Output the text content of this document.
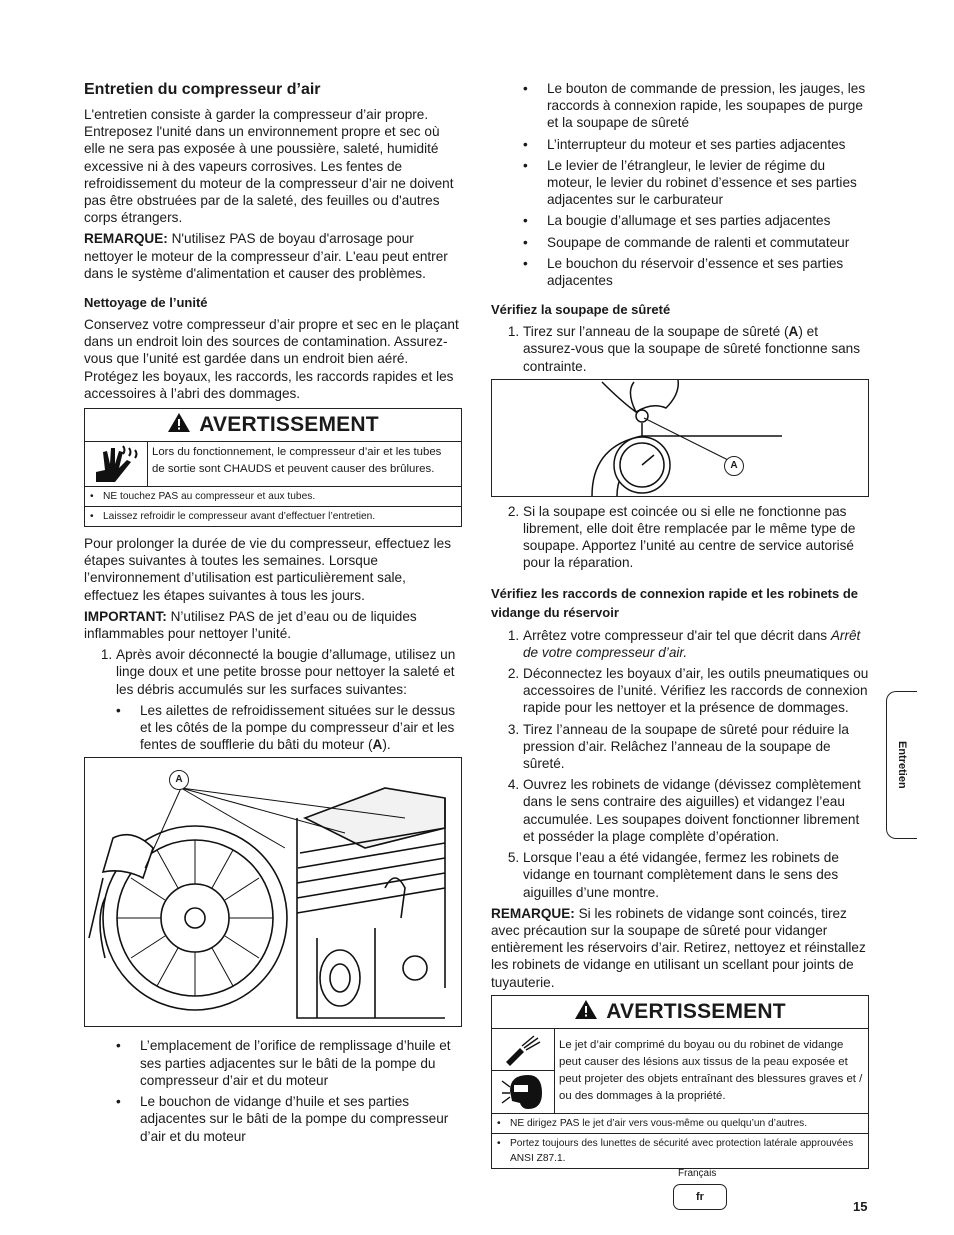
Entretien du compresseur d’air

L'entretien consiste à garder la compresseur d’air propre. Entreposez l'unité dans un environnement propre et sec où elle ne sera pas exposée à une poussière, saleté, humidité excessive ni à des vapeurs corrosives. Les fentes de refroidissement du moteur de la compresseur d’air ne doivent pas être obstruées par de la saleté, des feuilles ou d'autres corps étrangers.

REMARQUE: N'utilisez PAS de boyau d'arrosage pour nettoyer le moteur de la compresseur d’air. L'eau peut entrer dans le système d'alimentation et causer des problèmes.

Nettoyage de l’unité

Conservez votre compresseur d’air propre et sec en le plaçant dans un endroit loin des sources de contamination. Assurez-vous que l’unité est gardée dans un endroit bien aéré. Protégez les boyaux, les raccords, les raccords rapides et les accessoires à l’abri des dommages.

AVERTISSEMENT
Lors du fonctionnement, le compresseur d’air et les tubes de sortie sont CHAUDS et peuvent causer des brûlures.
• NE touchez PAS au compresseur et aux tubes.
• Laissez refroidir le compresseur avant d’effectuer l’entretien.

Pour prolonger la durée de vie du compresseur, effectuez les étapes suivantes à toutes les semaines. Lorsque l’environnement d’utilisation est particulièrement sale, effectuez les étapes suivantes à tous les jours.

IMPORTANT: N’utilisez PAS de jet d’eau ou de liquides inflammables pour nettoyer l’unité.

1. Après avoir déconnecté la bougie d’allumage, utilisez un linge doux et une petite brosse pour nettoyer la saleté et les débris accumulés sur les surfaces suivantes:
• Les ailettes de refroidissement situées sur le dessus et les côtés de la pompe du compresseur d’air et les fentes de soufflerie du bâti du moteur (A).
A
• L’emplacement de l’orifice de remplissage d’huile et ses parties adjacentes sur le bâti de la pompe du compresseur d’air et du moteur
• Le bouchon de vidange d’huile et ses parties adjacentes sur le bâti de la pompe du compresseur d’air et du moteur
• Le bouton de commande de pression, les jauges, les raccords à connexion rapide, les soupapes de purge et la soupape de sûreté
• L’interrupteur du moteur et ses parties adjacentes
• Le levier de l’étrangleur, le levier de régime du moteur, le levier du robinet d’essence et ses parties adjacentes sur le carburateur
• La bougie d’allumage et ses parties adjacentes
• Soupape de commande de ralenti et commutateur
• Le bouchon du réservoir d’essence et ses parties adjacentes
Vérifiez la soupape de sûreté
1. Tirez sur l’anneau de la soupape de sûreté (A) et assurez-vous que la soupape de sûreté fonctionne sans contrainte.
A
2. Si la soupape est coincée ou si elle ne fonctionne pas librement, elle doit être remplacée par le même type de soupape. Apportez l’unité au centre de service autorisé pour la réparation.
Vérifiez les raccords de connexion rapide et les robinets de vidange du réservoir
1. Arrêtez votre compresseur d'air tel que décrit dans Arrêt de votre compresseur d’air.
2. Déconnectez les boyaux d’air, les outils pneumatiques ou accessoires de l’unité. Vérifiez les raccords de connexion rapide pour les nettoyer et la présence de dommages.
3. Tirez l’anneau de la soupape de sûreté pour réduire la pression d’air. Relâchez l’anneau de la soupape de sûreté.
4. Ouvrez les robinets de vidange (dévissez complètement dans le sens contraire des aiguilles) et vidangez l’eau accumulée. Les soupapes doivent fonctionner librement et posséder la plage complète d’opération.
5. Lorsque l’eau a été vidangée, fermez les robinets de vidange en tournant complètement dans le sens des aiguilles d’une montre.

REMARQUE: Si les robinets de vidange sont coincés, tirez avec précaution sur la soupape de sûreté pour vidanger entièrement les réservoirs d’air. Retirez, nettoyez et réinstallez les robinets de vidange en utilisant un scellant pour joints de tuyauterie.

AVERTISSEMENT
Le jet d’air comprimé du boyau ou du robinet de vidange peut causer des lésions aux tissus de la peau exposée et peut projeter des objets entraînant des blessures graves et / ou des dommages à la propriété.
• NE dirigez PAS le jet d’air vers vous-même ou quelqu’un d’autres.
• Portez toujours des lunettes de sécurité avec protection latérale approuvées ANSI Z87.1.
Entretien
Français
fr
15
